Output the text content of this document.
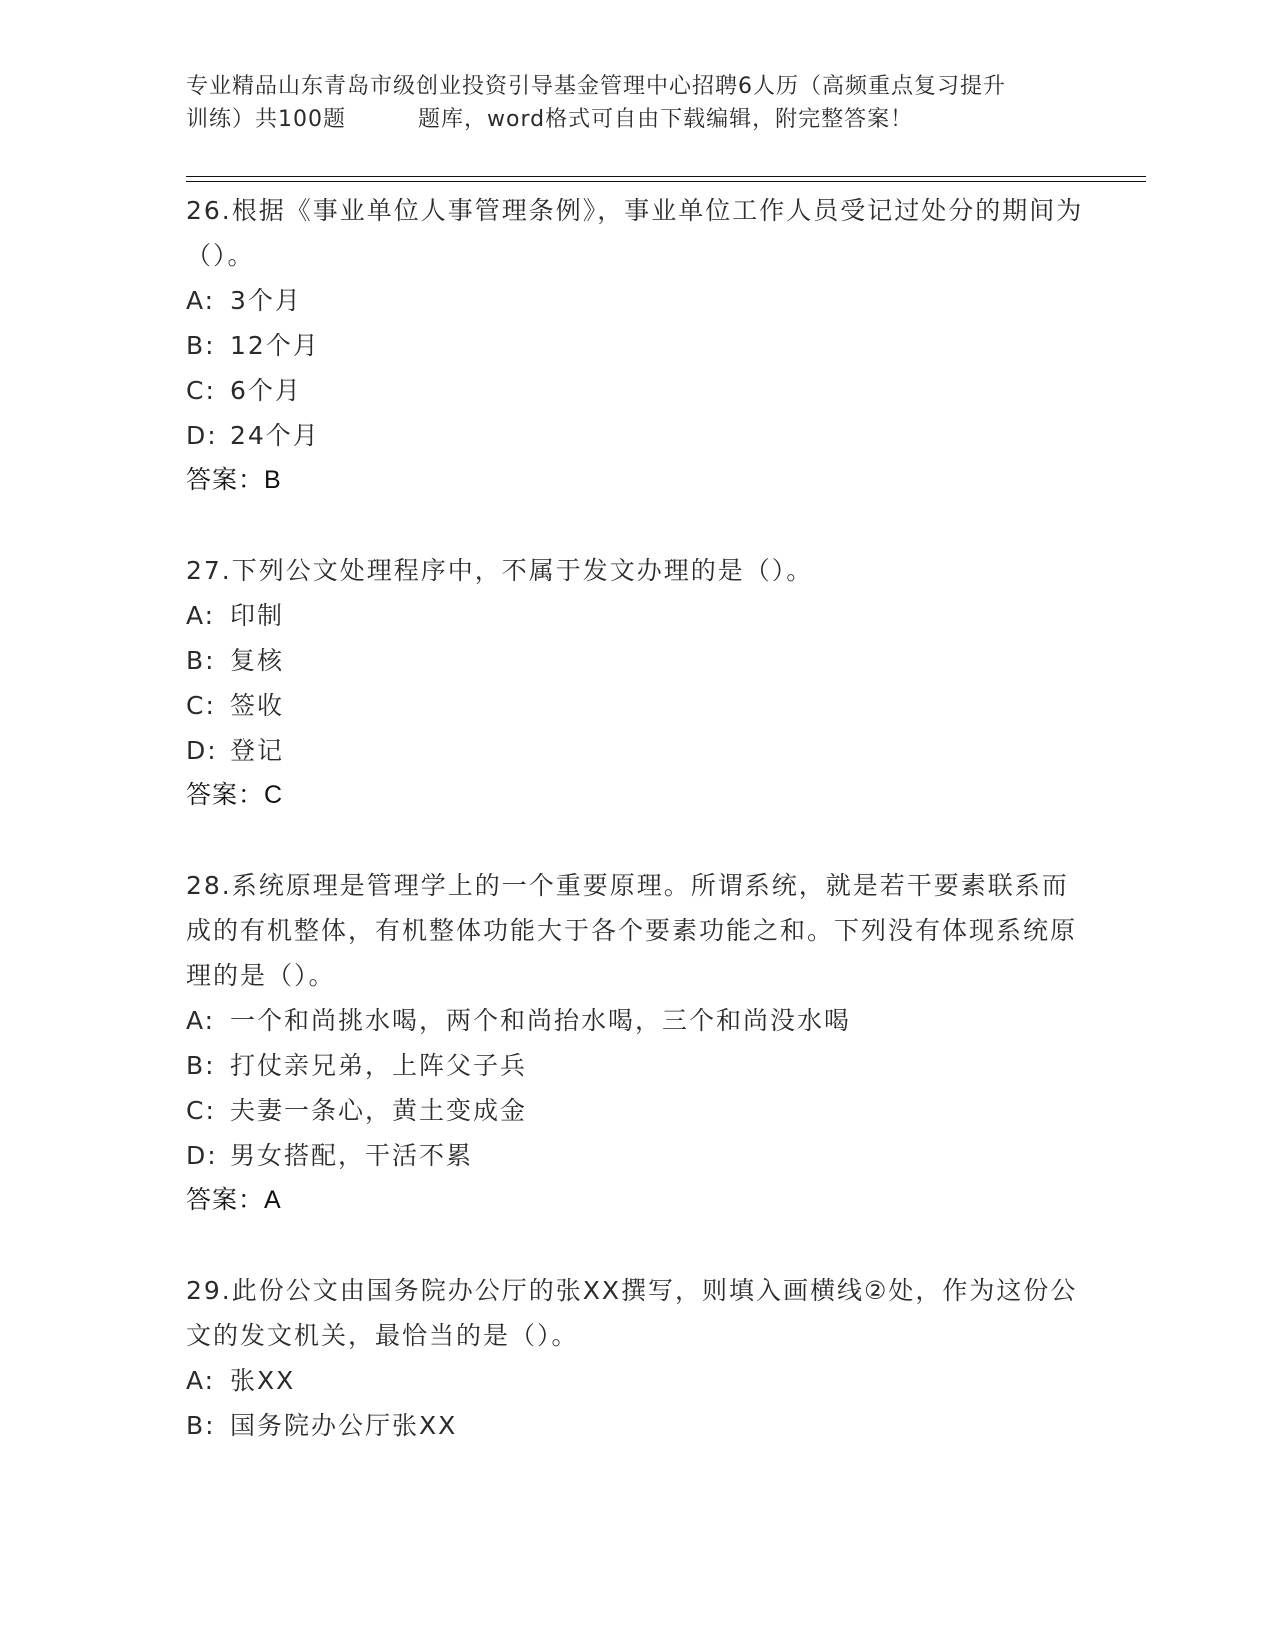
专业精品山东青岛市级创业投资引导基金管理中心招聘6人历（高频重点复习提升
训练）共100题	题库，word格式可自由下载编辑，附完整答案！

26.根据《事业单位人事管理条例》，事业单位工作人员受记过处分的期间为（）。

A: 3个月

B: 12个月

C: 6个月

D: 24个月

答案：B

27.下列公文处理程序中，不属于发文办理的是（）。

A: 印制

B: 复核

C: 签收

D: 登记

答案：C

28.系统原理是管理学上的一个重要原理。所谓系统，就是若干要素联系而成的有机整体，有机整体功能大于各个要素功能之和。下列没有体现系统原理的是（）。

A: 一个和尚挑水喝，两个和尚抬水喝，三个和尚没水喝

B: 打仗亲兄弟，上阵父子兵

C: 夫妻一条心，黄土变成金

D: 男女搭配，干活不累

答案：A

29.此份公文由国务院办公厅的张XX撰写，则填入画横线②处，作为这份公文的发文机关，最恰当的是（）。

A: 张XX

B: 国务院办公厅张XX
